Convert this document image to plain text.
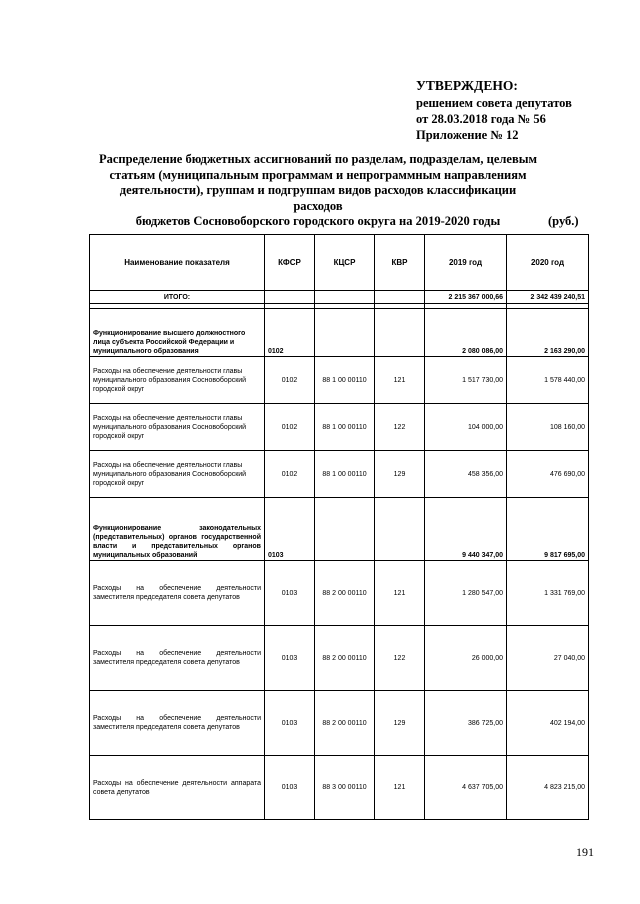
УТВЕРЖДЕНО:
решением совета депутатов
от 28.03.2018 года № 56
Приложение № 12
Распределение бюджетных ассигнований по разделам, подразделам, целевым
статьям (муниципальным программам и непрограммным направлениям
деятельности), группам и подгруппам видов расходов классификации расходов
бюджетов Сосновоборского городского округа на 2019-2020 годы	(руб.)
Наименование показателя	КФСР	КЦСР	КВР	2019 год	2020 год
ИТОГО:				2 215 367 000,66	2 342 439 240,51

Функционирование высшего должностного лица субъекта Российской Федерации и муниципального образования	0102			2 080 086,00	2 163 290,00
Расходы на обеспечение деятельности главы муниципального образования Сосновоборский городской округ	0102	88 1 00 00110	121	1 517 730,00	1 578 440,00
Расходы на обеспечение деятельности главы муниципального образования Сосновоборский городской округ	0102	88 1 00 00110	122	104 000,00	108 160,00
Расходы на обеспечение деятельности главы муниципального образования Сосновоборский городской округ	0102	88 1 00 00110	129	458 356,00	476 690,00
Функционирование законодательных (представительных) органов государственной власти и представительных органов муниципальных образований	0103			9 440 347,00	9 817 695,00
Расходы на обеспечение деятельности заместителя председателя совета депутатов	0103	88 2 00 00110	121	1 280 547,00	1 331 769,00
Расходы на обеспечение деятельности заместителя председателя совета депутатов	0103	88 2 00 00110	122	26 000,00	27 040,00
Расходы на обеспечение деятельности заместителя председателя совета депутатов	0103	88 2 00 00110	129	386 725,00	402 194,00
Расходы на обеспечение деятельности аппарата совета депутатов	0103	88 3 00 00110	121	4 637 705,00	4 823 215,00
191
